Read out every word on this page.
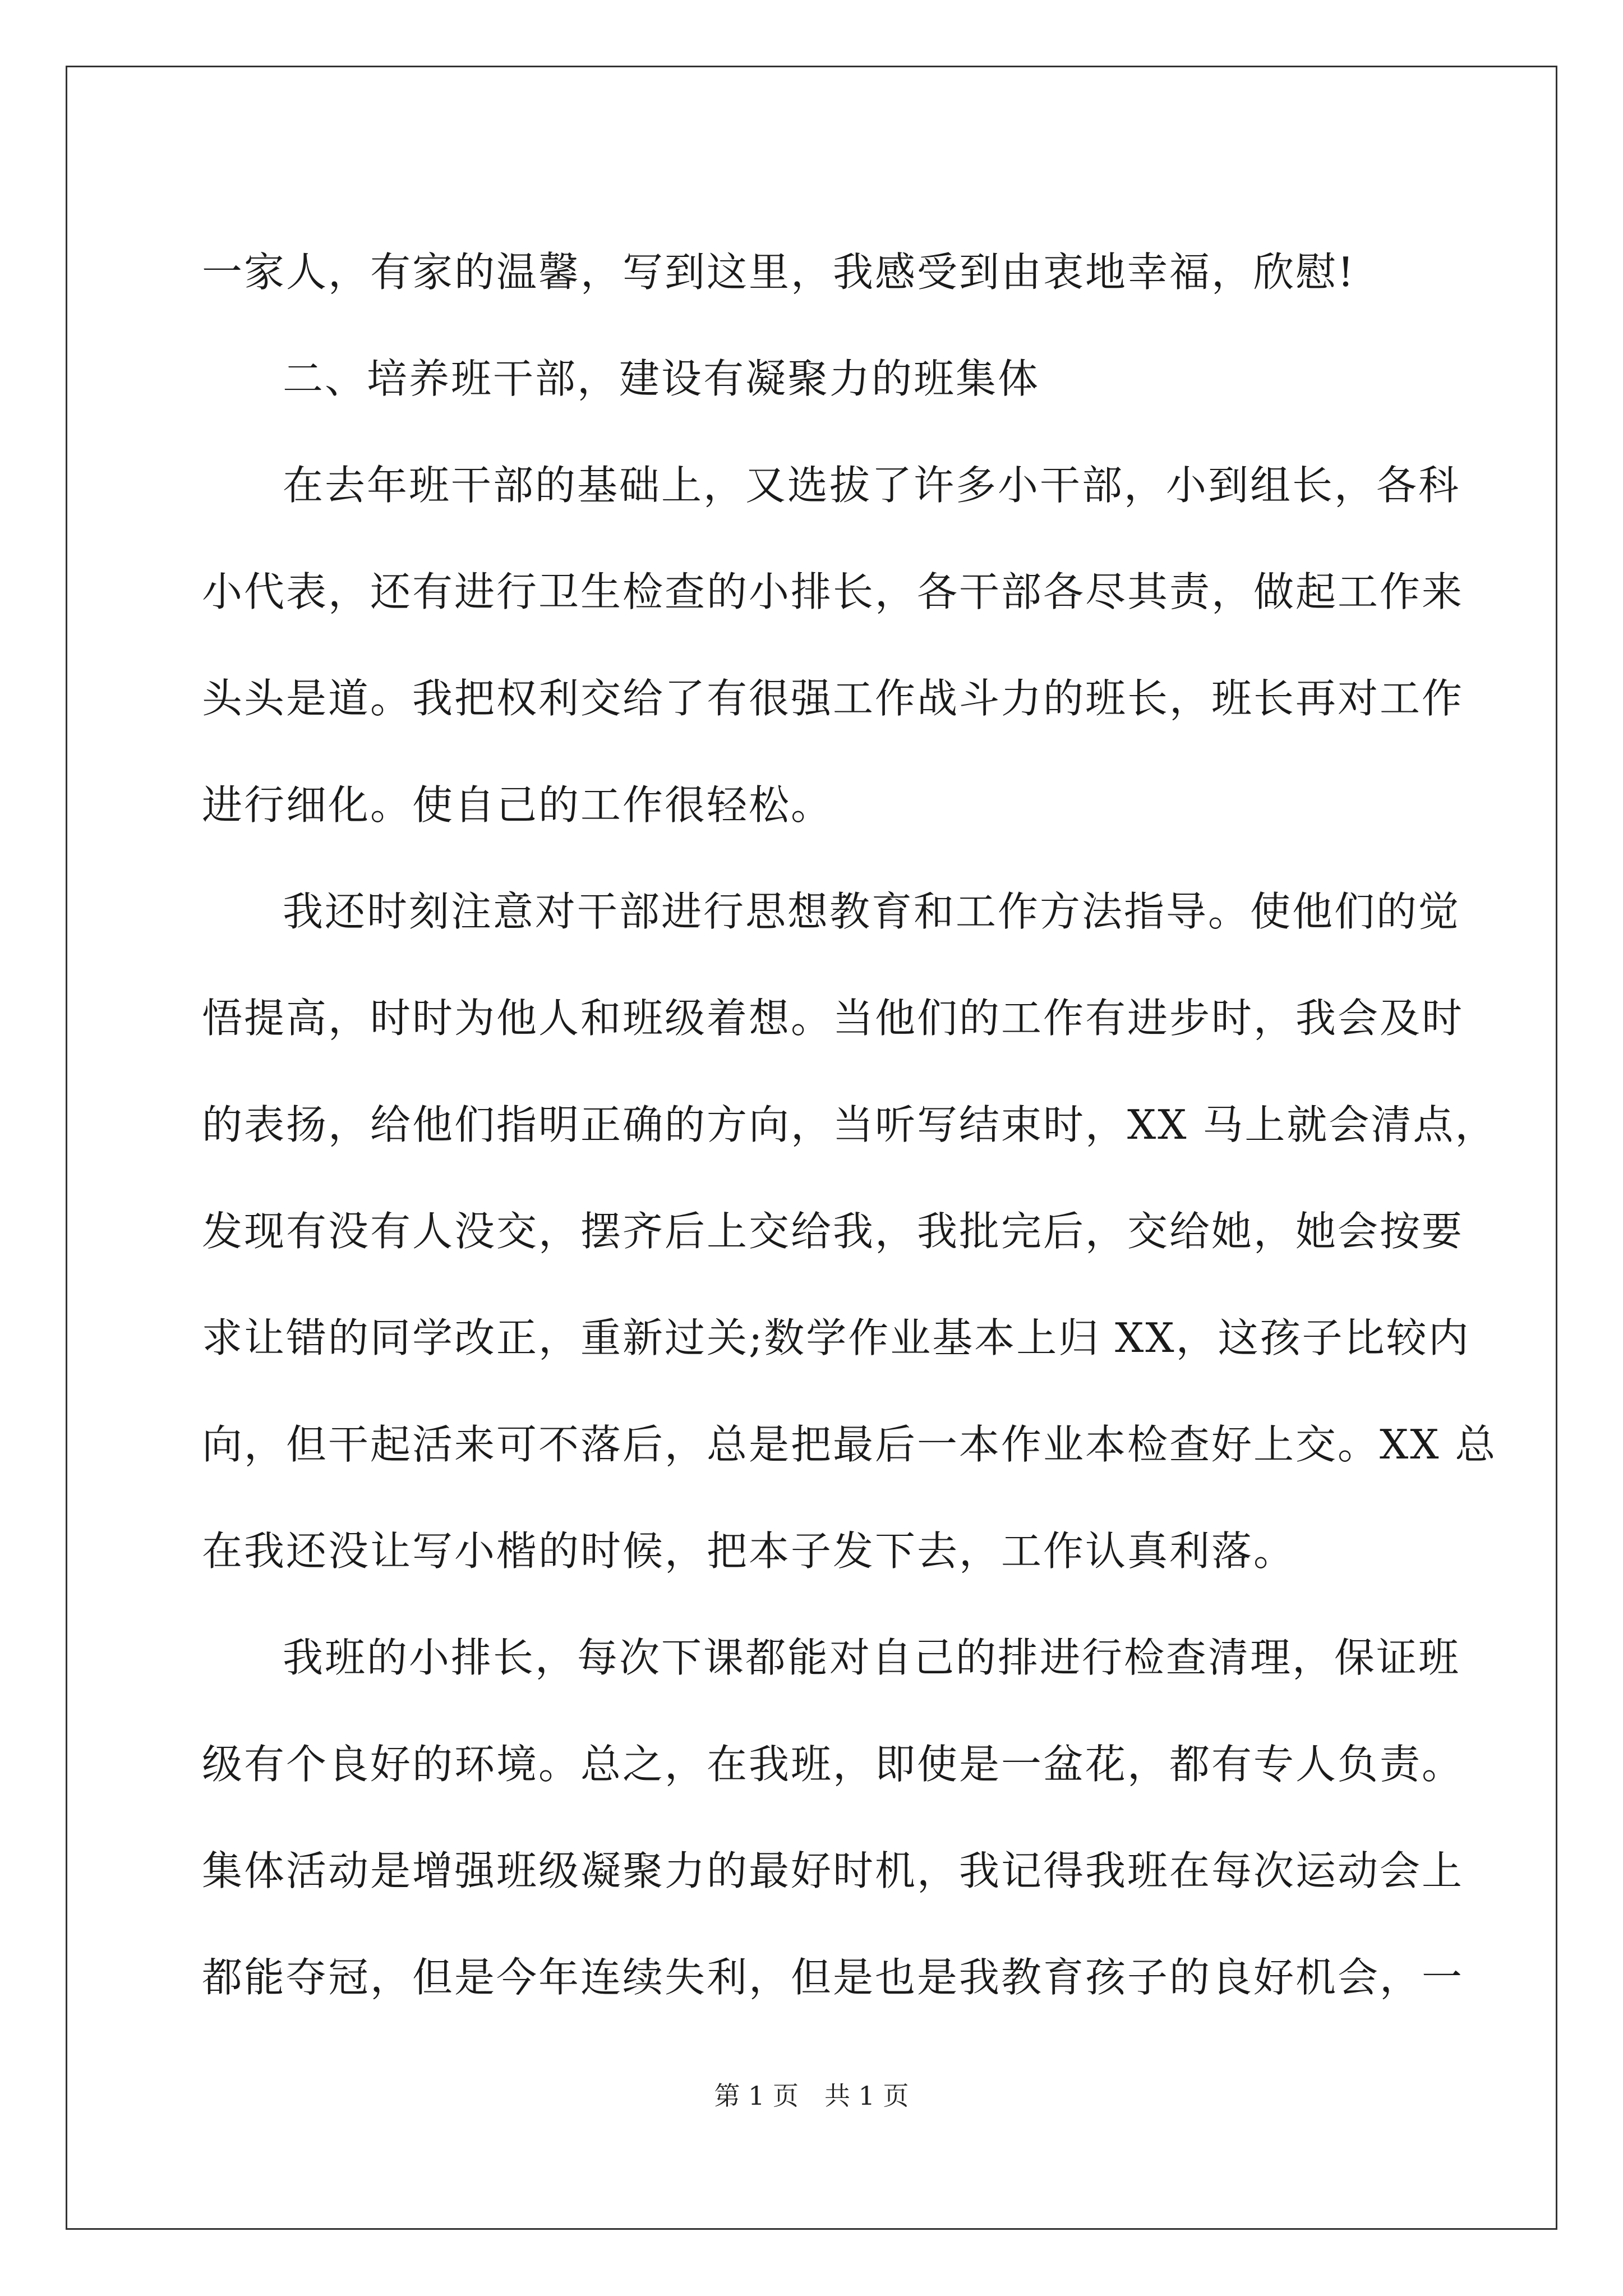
一家人，有家的温馨，写到这里，我感受到由衷地幸福，欣慰!
二、培养班干部，建设有凝聚力的班集体
在去年班干部的基础上，又选拔了许多小干部，小到组长，各科
小代表，还有进行卫生检查的小排长，各干部各尽其责，做起工作来
头头是道。我把权利交给了有很强工作战斗力的班长，班长再对工作
进行细化。使自己的工作很轻松。
我还时刻注意对干部进行思想教育和工作方法指导。使他们的觉
悟提高，时时为他人和班级着想。当他们的工作有进步时，我会及时
的表扬，给他们指明正确的方向，当听写结束时，XX 马上就会清点，
发现有没有人没交，摆齐后上交给我，我批完后，交给她，她会按要
求让错的同学改正，重新过关;数学作业基本上归 XX，这孩子比较内
向，但干起活来可不落后，总是把最后一本作业本检查好上交。XX 总
在我还没让写小楷的时候，把本子发下去，工作认真利落。
我班的小排长，每次下课都能对自己的排进行检查清理，保证班
级有个良好的环境。总之，在我班，即使是一盆花，都有专人负责。
集体活动是增强班级凝聚力的最好时机，我记得我班在每次运动会上
都能夺冠，但是今年连续失利，但是也是我教育孩子的良好机会，一
第 1 页　共 1 页
